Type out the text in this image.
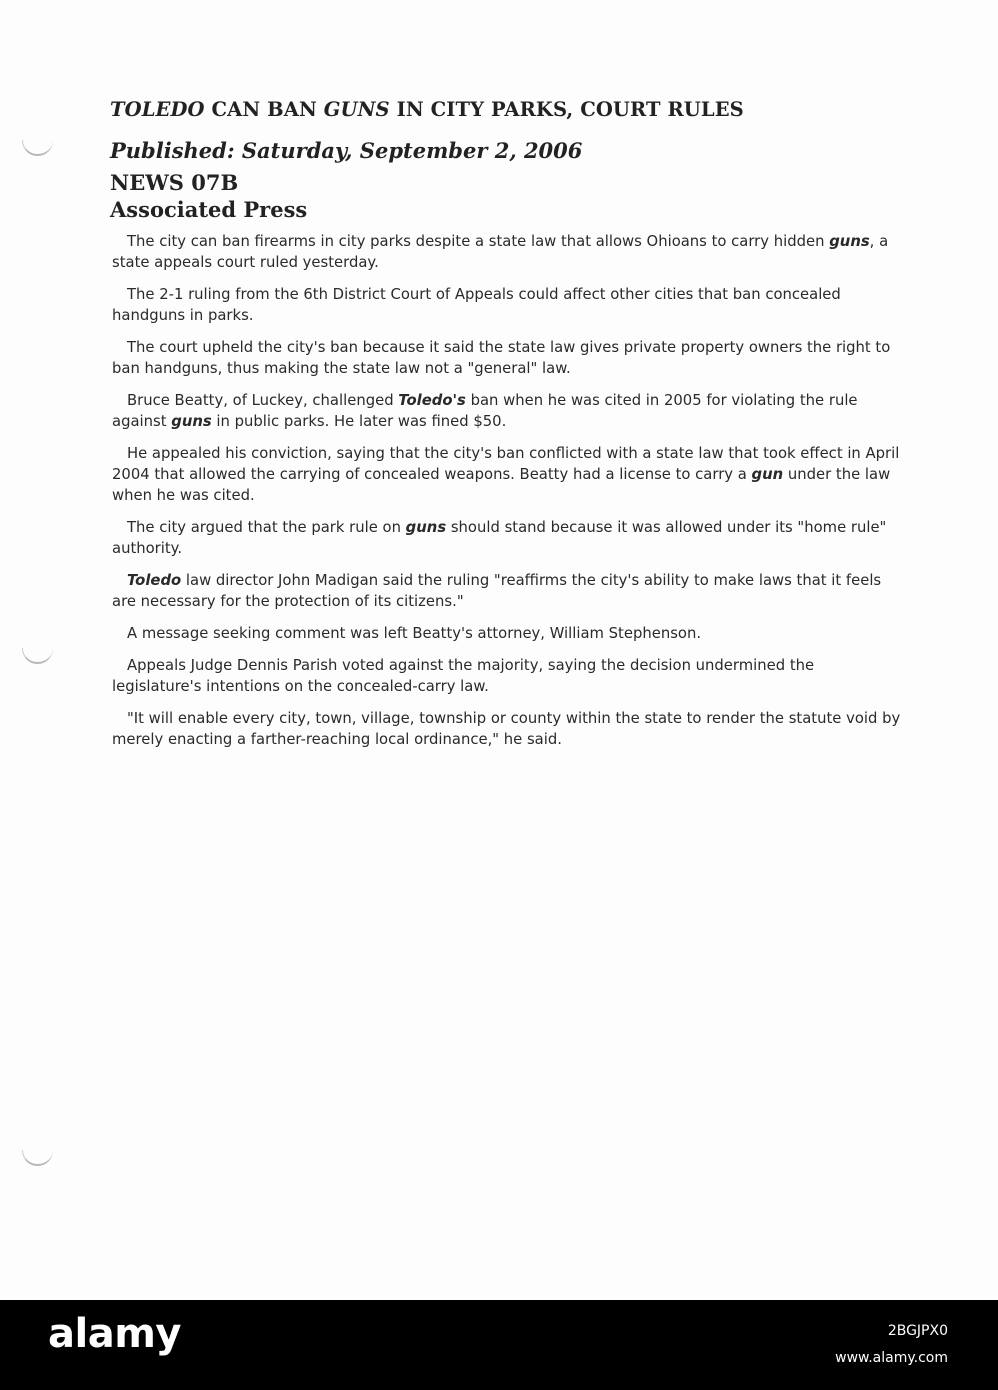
TOLEDO CAN BAN GUNS IN CITY PARKS, COURT RULES
Published: Saturday, September 2, 2006
NEWS 07B
Associated Press

The city can ban firearms in city parks despite a state law that allows Ohioans to carry hidden guns, a state appeals court ruled yesterday.

The 2-1 ruling from the 6th District Court of Appeals could affect other cities that ban concealed handguns in parks.

The court upheld the city's ban because it said the state law gives private property owners the right to ban handguns, thus making the state law not a "general" law.

Bruce Beatty, of Luckey, challenged Toledo's ban when he was cited in 2005 for violating the rule against guns in public parks. He later was fined $50.

He appealed his conviction, saying that the city's ban conflicted with a state law that took effect in April 2004 that allowed the carrying of concealed weapons. Beatty had a license to carry a gun under the law when he was cited.

The city argued that the park rule on guns should stand because it was allowed under its "home rule" authority.

Toledo law director John Madigan said the ruling "reaffirms the city's ability to make laws that it feels are necessary for the protection of its citizens."

A message seeking comment was left Beatty's attorney, William Stephenson.

Appeals Judge Dennis Parish voted against the majority, saying the decision undermined the legislature's intentions on the concealed-carry law.

"It will enable every city, town, village, township or county within the state to render the statute void by merely enacting a farther-reaching local ordinance," he said.

alamy	2BGJPX0
www.alamy.com
